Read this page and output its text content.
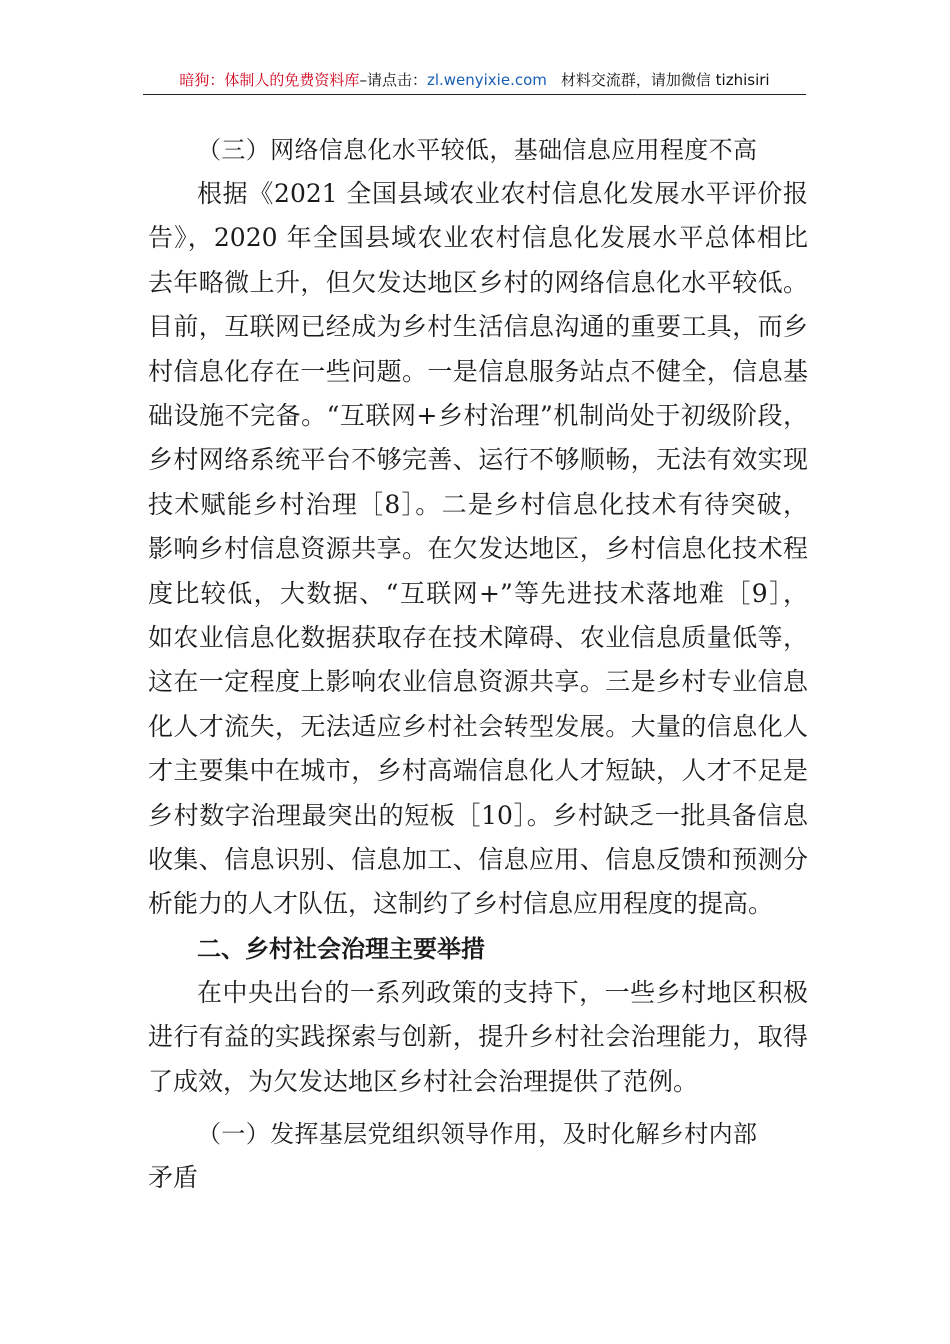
暗狗：体制人的免费资料库–请点击：zl.wenyixie.com 材料交流群，请加微信 tizhisiri
（三）网络信息化水平较低，基础信息应用程度不高
根据《2021 全国县域农业农村信息化发展水平评价报
告》，2020 年全国县域农业农村信息化发展水平总体相比
去年略微上升，但欠发达地区乡村的网络信息化水平较低。
目前，互联网已经成为乡村生活信息沟通的重要工具，而乡
村信息化存在一些问题。一是信息服务站点不健全，信息基
础设施不完备。“互联网+乡村治理”机制尚处于初级阶段，
乡村网络系统平台不够完善、运行不够顺畅，无法有效实现
技术赋能乡村治理［8］。二是乡村信息化技术有待突破，
影响乡村信息资源共享。在欠发达地区，乡村信息化技术程
度比较低，大数据、“互联网+”等先进技术落地难［9］，
如农业信息化数据获取存在技术障碍、农业信息质量低等，
这在一定程度上影响农业信息资源共享。三是乡村专业信息
化人才流失，无法适应乡村社会转型发展。大量的信息化人
才主要集中在城市，乡村高端信息化人才短缺，人才不足是
乡村数字治理最突出的短板［10］。乡村缺乏一批具备信息
收集、信息识别、信息加工、信息应用、信息反馈和预测分
析能力的人才队伍，这制约了乡村信息应用程度的提高。
二、乡村社会治理主要举措
在中央出台的一系列政策的支持下，一些乡村地区积极
进行有益的实践探索与创新，提升乡村社会治理能力，取得
了成效，为欠发达地区乡村社会治理提供了范例。
（一）发挥基层党组织领导作用，及时化解乡村内部
矛盾
